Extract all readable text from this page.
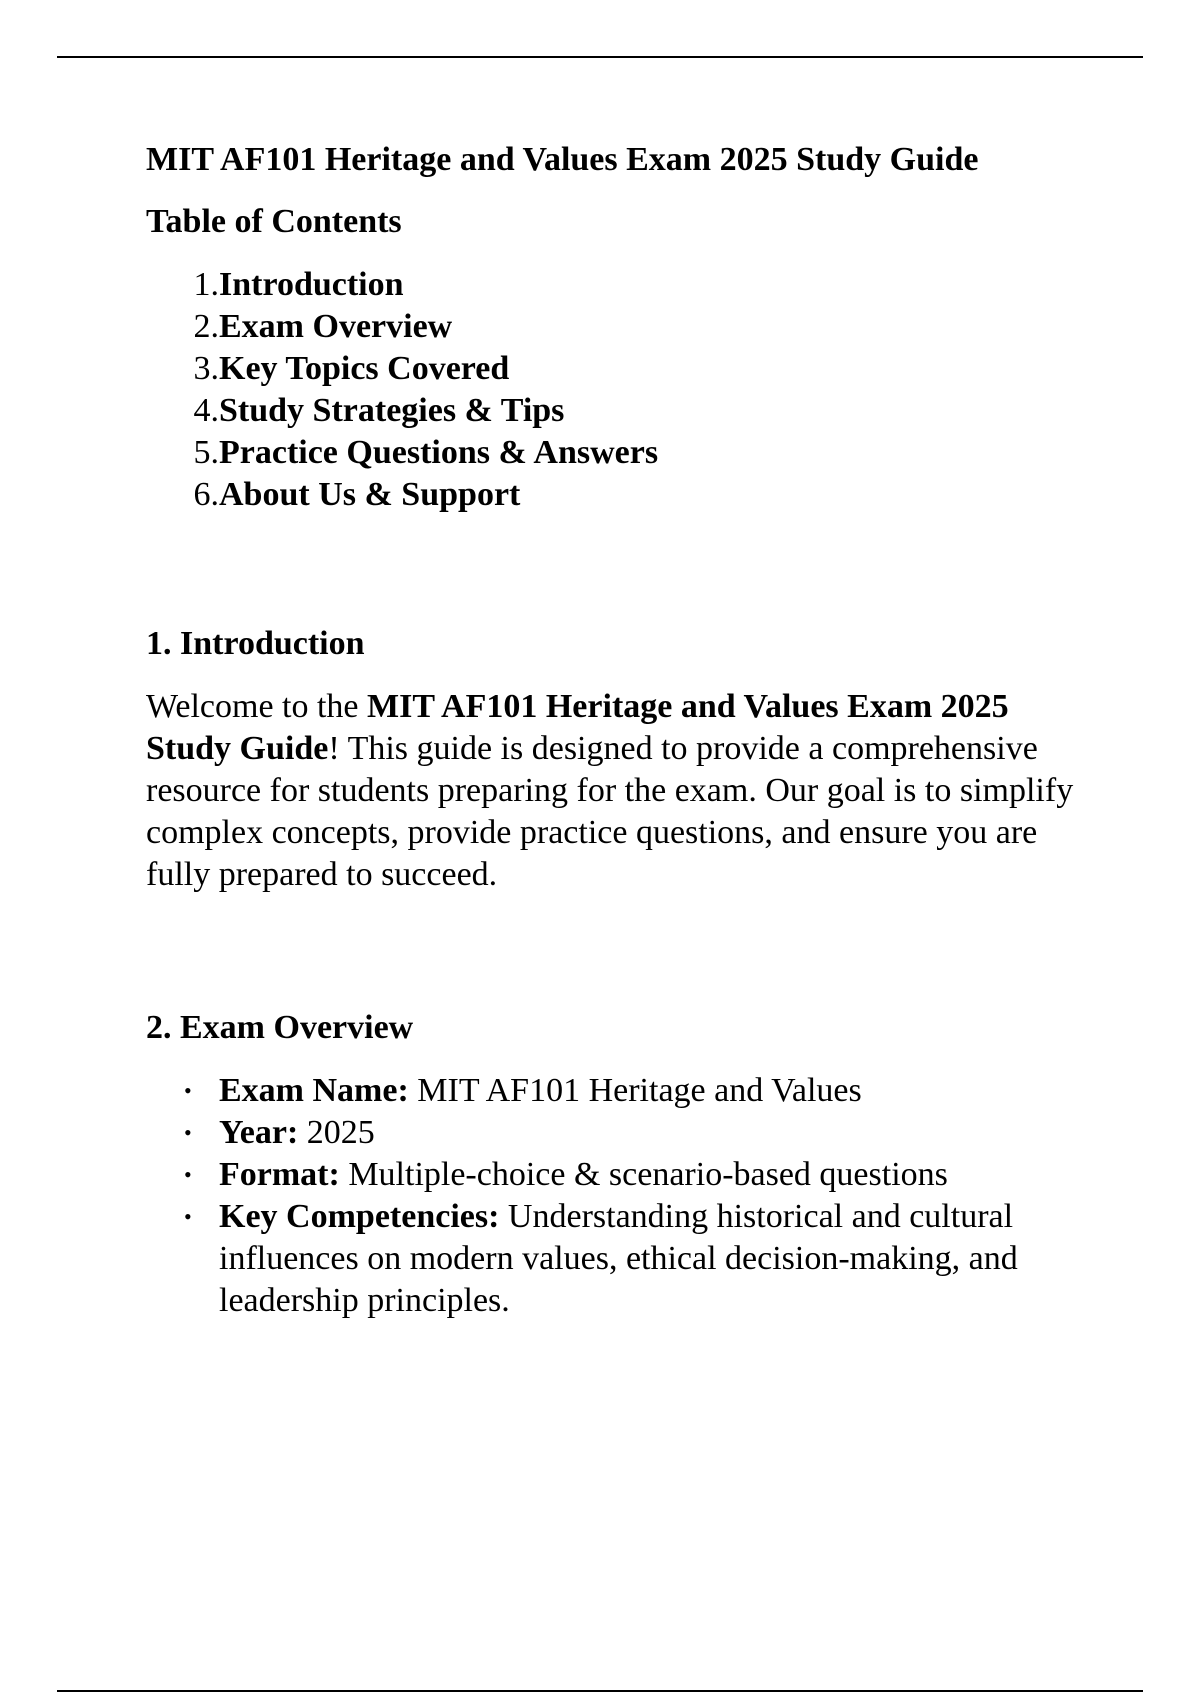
MIT AF101 Heritage and Values Exam 2025 Study Guide
Table of Contents
1. Introduction
2. Exam Overview
3. Key Topics Covered
4. Study Strategies & Tips
5. Practice Questions & Answers
6. About Us & Support
1. Introduction

Welcome to the MIT AF101 Heritage and Values Exam 2025 Study Guide! This guide is designed to provide a comprehensive resource for students preparing for the exam. Our goal is to simplify complex concepts, provide practice questions, and ensure you are fully prepared to succeed.

2. Exam Overview
• Exam Name: MIT AF101 Heritage and Values
• Year: 2025
• Format: Multiple-choice & scenario-based questions
• Key Competencies: Understanding historical and cultural influences on modern values, ethical decision-making, and leadership principles.
